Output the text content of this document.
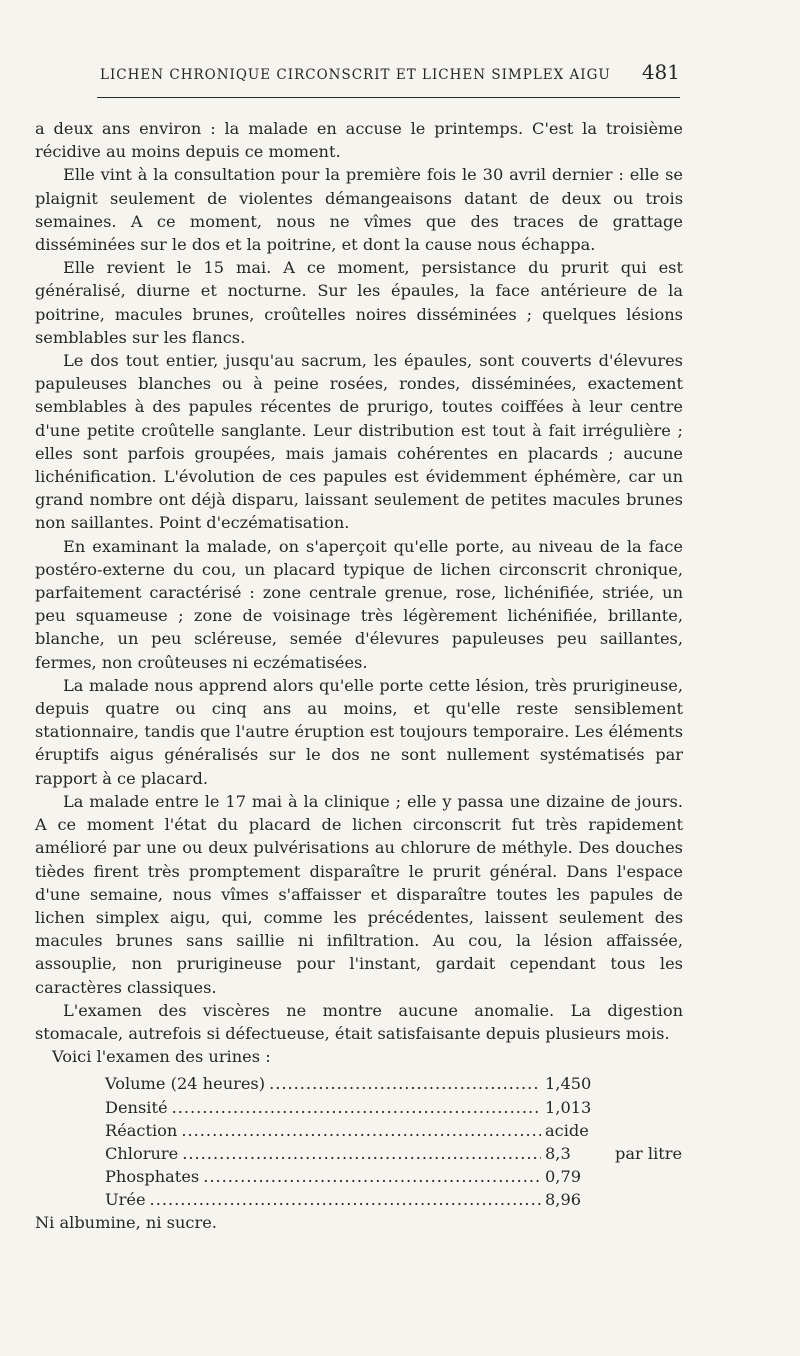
LICHEN CHRONIQUE CIRCONSCRIT ET LICHEN SIMPLEX AIGU 481

a deux ans environ : la malade en accuse le printemps. C'est la troisième récidive au moins depuis ce moment.

Elle vint à la consultation pour la première fois le 30 avril dernier : elle se plaignit seulement de violentes démangeaisons datant de deux ou trois semaines. A ce moment, nous ne vîmes que des traces de grattage disséminées sur le dos et la poitrine, et dont la cause nous échappa.

Elle revient le 15 mai. A ce moment, persistance du prurit qui est généralisé, diurne et nocturne. Sur les épaules, la face antérieure de la poitrine, macules brunes, croûtelles noires disséminées ; quelques lésions semblables sur les flancs.

Le dos tout entier, jusqu'au sacrum, les épaules, sont couverts d'élevures papuleuses blanches ou à peine rosées, rondes, disséminées, exactement semblables à des papules récentes de prurigo, toutes coiffées à leur centre d'une petite croûtelle sanglante. Leur distribution est tout à fait irrégulière ; elles sont parfois groupées, mais jamais cohérentes en placards ; aucune lichénification. L'évolution de ces papules est évidemment éphémère, car un grand nombre ont déjà disparu, laissant seulement de petites macules brunes non saillantes. Point d'eczématisation.

En examinant la malade, on s'aperçoit qu'elle porte, au niveau de la face postéro-externe du cou, un placard typique de lichen circonscrit chronique, parfaitement caractérisé : zone centrale grenue, rose, lichénifiée, striée, un peu squameuse ; zone de voisinage très légèrement lichénifiée, brillante, blanche, un peu scléreuse, semée d'élevures papuleuses peu saillantes, fermes, non croûteuses ni eczématisées.

La malade nous apprend alors qu'elle porte cette lésion, très prurigineuse, depuis quatre ou cinq ans au moins, et qu'elle reste sensiblement stationnaire, tandis que l'autre éruption est toujours temporaire. Les éléments éruptifs aigus généralisés sur le dos ne sont nullement systématisés par rapport à ce placard.

La malade entre le 17 mai à la clinique ; elle y passa une dizaine de jours. A ce moment l'état du placard de lichen circonscrit fut très rapidement amélioré par une ou deux pulvérisations au chlorure de méthyle. Des douches tièdes firent très promptement disparaître le prurit général. Dans l'espace d'une semaine, nous vîmes s'affaisser et disparaître toutes les papules de lichen simplex aigu, qui, comme les précédentes, laissent seulement des macules brunes sans saillie ni infiltration. Au cou, la lésion affaissée, assouplie, non prurigineuse pour l'instant, gardait cependant tous les caractères classiques.

L'examen des viscères ne montre aucune anomalie. La digestion stomacale, autrefois si défectueuse, était satisfaisante depuis plusieurs mois.

Voici l'examen des urines :

Volume (24 heures) .....	1,450
Densité .....	1,013
Réaction .....	acide
Chlorure .....	8,3	par litre
Phosphates .....	0,79
Urée .....	8,96

Ni albumine, ni sucre.
